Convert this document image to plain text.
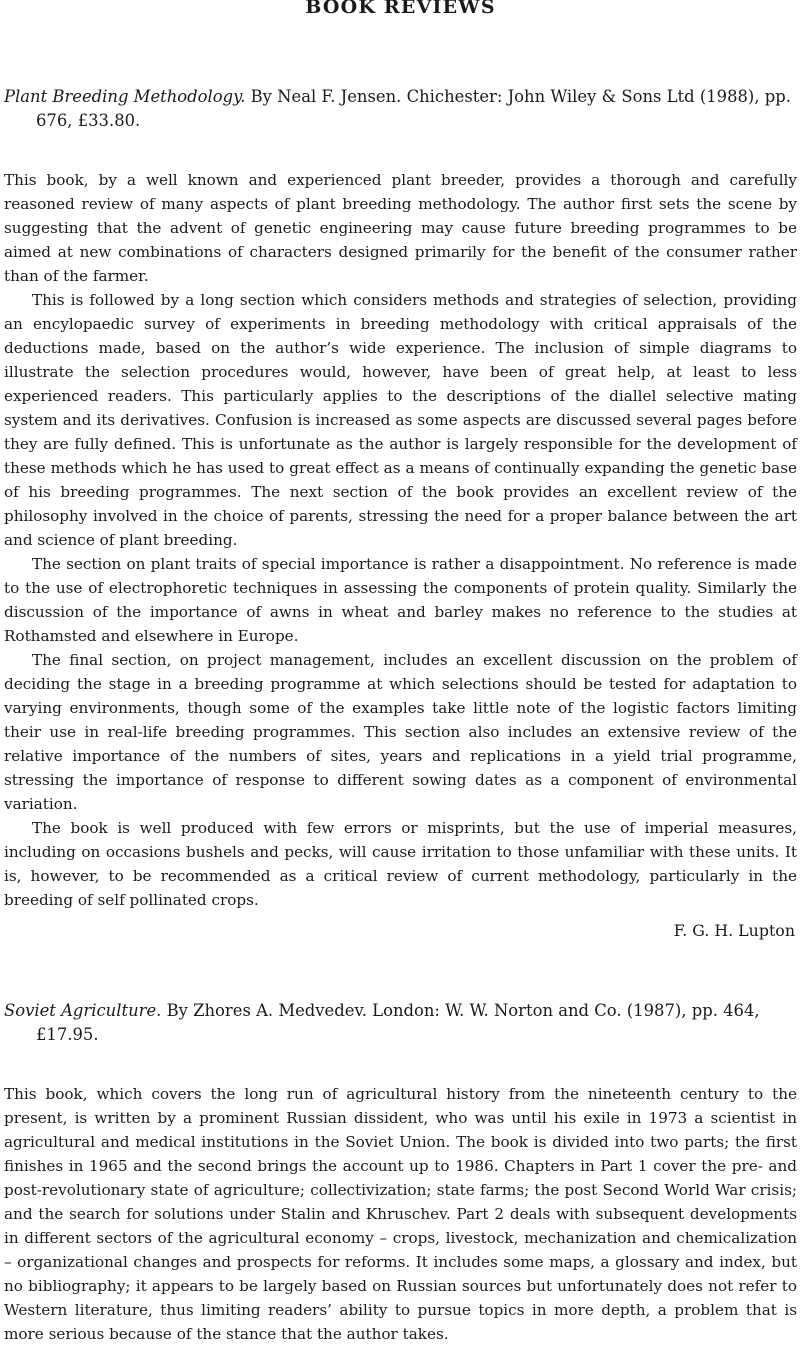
BOOK REVIEWS

Plant Breeding Methodology. By Neal F. Jensen. Chichester: John Wiley & Sons Ltd (1988), pp. 676, £33.80.

This book, by a well known and experienced plant breeder, provides a thorough and carefully reasoned review of many aspects of plant breeding methodology. The author first sets the scene by suggesting that the advent of genetic engineering may cause future breeding programmes to be aimed at new combinations of characters designed primarily for the benefit of the consumer rather than of the farmer.

This is followed by a long section which considers methods and strategies of selection, providing an encylopaedic survey of experiments in breeding methodology with critical appraisals of the deductions made, based on the author’s wide experience. The inclusion of simple diagrams to illustrate the selection procedures would, however, have been of great help, at least to less experienced readers. This particularly applies to the descriptions of the diallel selective mating system and its derivatives. Confusion is increased as some aspects are discussed several pages before they are fully defined. This is unfortunate as the author is largely responsible for the development of these methods which he has used to great effect as a means of continually expanding the genetic base of his breeding programmes. The next section of the book provides an excellent review of the philosophy involved in the choice of parents, stressing the need for a proper balance between the art and science of plant breeding.

The section on plant traits of special importance is rather a disappointment. No reference is made to the use of electrophoretic techniques in assessing the components of protein quality. Similarly the discussion of the importance of awns in wheat and barley makes no reference to the studies at Rothamsted and elsewhere in Europe.

The final section, on project management, includes an excellent discussion on the problem of deciding the stage in a breeding programme at which selections should be tested for adaptation to varying environments, though some of the examples take little note of the logistic factors limiting their use in real-life breeding programmes. This section also includes an extensive review of the relative importance of the numbers of sites, years and replications in a yield trial programme, stressing the importance of response to different sowing dates as a component of environmental variation.

The book is well produced with few errors or misprints, but the use of imperial measures, including on occasions bushels and pecks, will cause irritation to those unfamiliar with these units. It is, however, to be recommended as a critical review of current methodology, particularly in the breeding of self pollinated crops.

F. G. H. Lupton

Soviet Agriculture. By Zhores A. Medvedev. London: W. W. Norton and Co. (1987), pp. 464, £17.95.

This book, which covers the long run of agricultural history from the nineteenth century to the present, is written by a prominent Russian dissident, who was until his exile in 1973 a scientist in agricultural and medical institutions in the Soviet Union. The book is divided into two parts; the first finishes in 1965 and the second brings the account up to 1986. Chapters in Part 1 cover the pre- and post-revolutionary state of agriculture; collectivization; state farms; the post Second World War crisis; and the search for solutions under Stalin and Khruschev. Part 2 deals with subsequent developments in different sectors of the agricultural economy – crops, livestock, mechanization and chemicalization – organizational changes and prospects for reforms. It includes some maps, a glossary and index, but no bibliography; it appears to be largely based on Russian sources but unfortunately does not refer to Western literature, thus limiting readers’ ability to pursue topics in more depth, a problem that is more serious because of the stance that the author takes.
